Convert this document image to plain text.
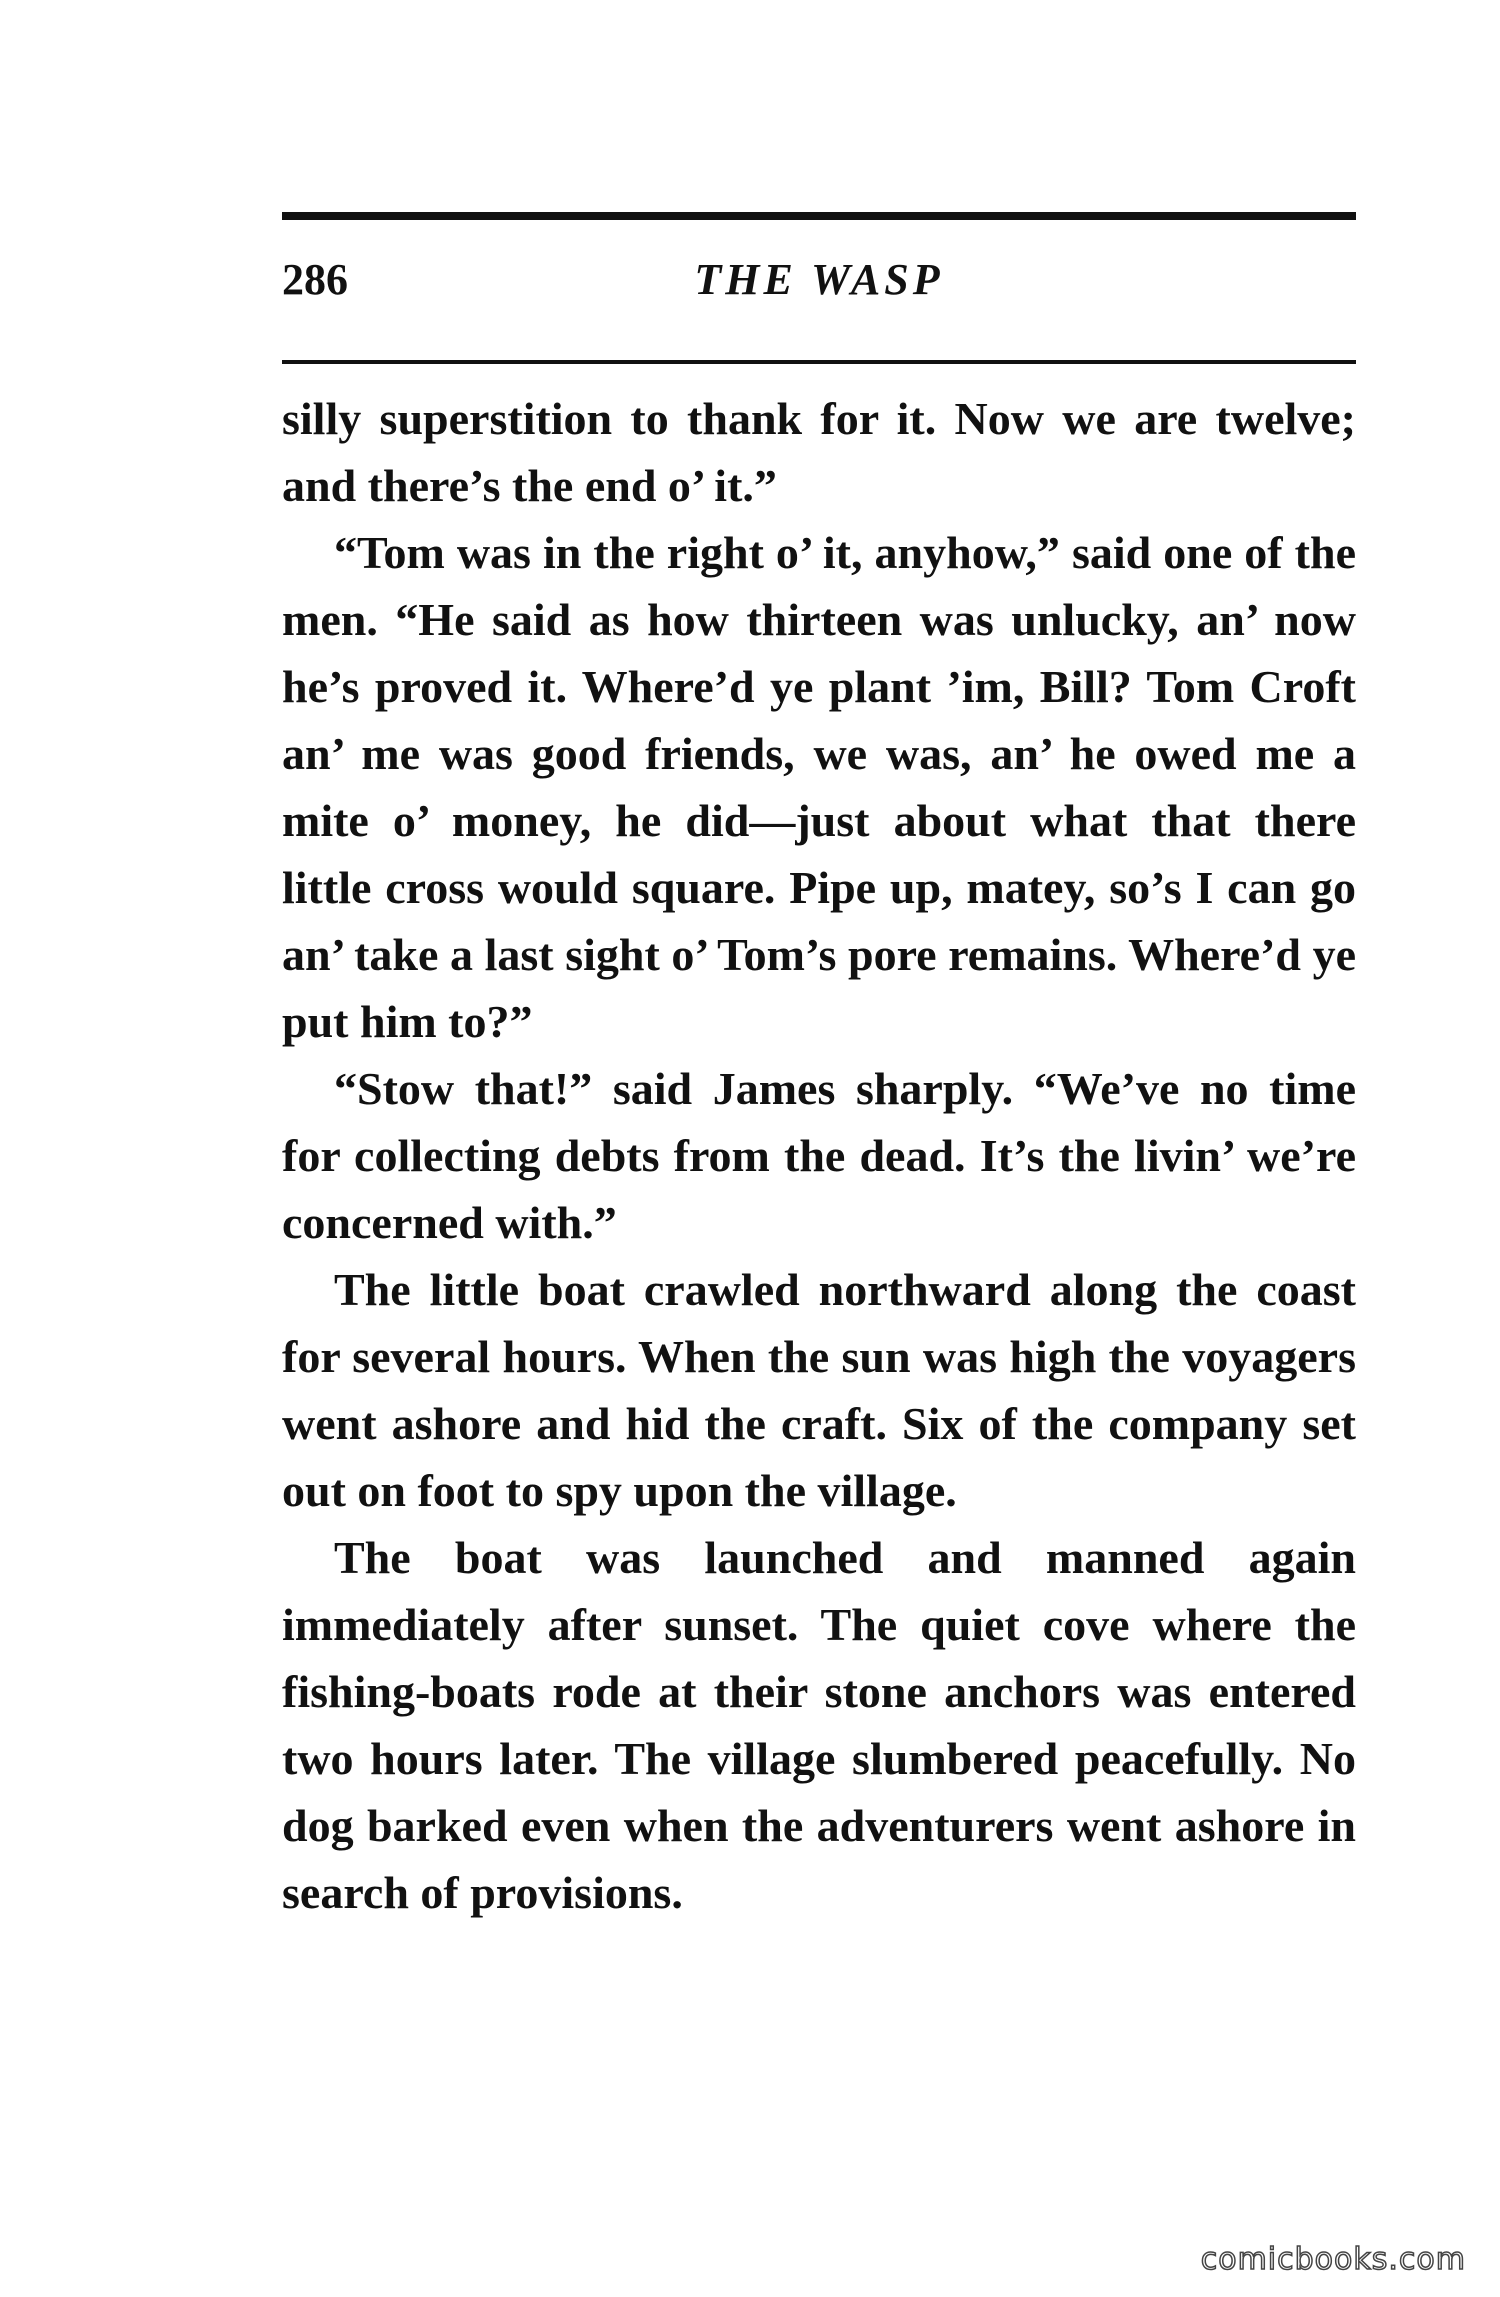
286	THE WASP

silly superstition to thank for it. Now we are twelve; and there’s the end o’ it.”

“Tom was in the right o’ it, anyhow,” said one of the men. “He said as how thirteen was unlucky, an’ now he’s proved it. Where’d ye plant ’im, Bill? Tom Croft an’ me was good friends, we was, an’ he owed me a mite o’ money, he did—just about what that there little cross would square. Pipe up, matey, so’s I can go an’ take a last sight o’ Tom’s pore remains. Where’d ye put him to?”

“Stow that!” said James sharply. “We’ve no time for collecting debts from the dead. It’s the livin’ we’re concerned with.”

The little boat crawled northward along the coast for several hours. When the sun was high the voyagers went ashore and hid the craft. Six of the company set out on foot to spy upon the village.

The boat was launched and manned again immediately after sunset. The quiet cove where the fishing-boats rode at their stone anchors was entered two hours later. The village slumbered peacefully. No dog barked even when the adventurers went ashore in search of provisions.

comicbooks.com
